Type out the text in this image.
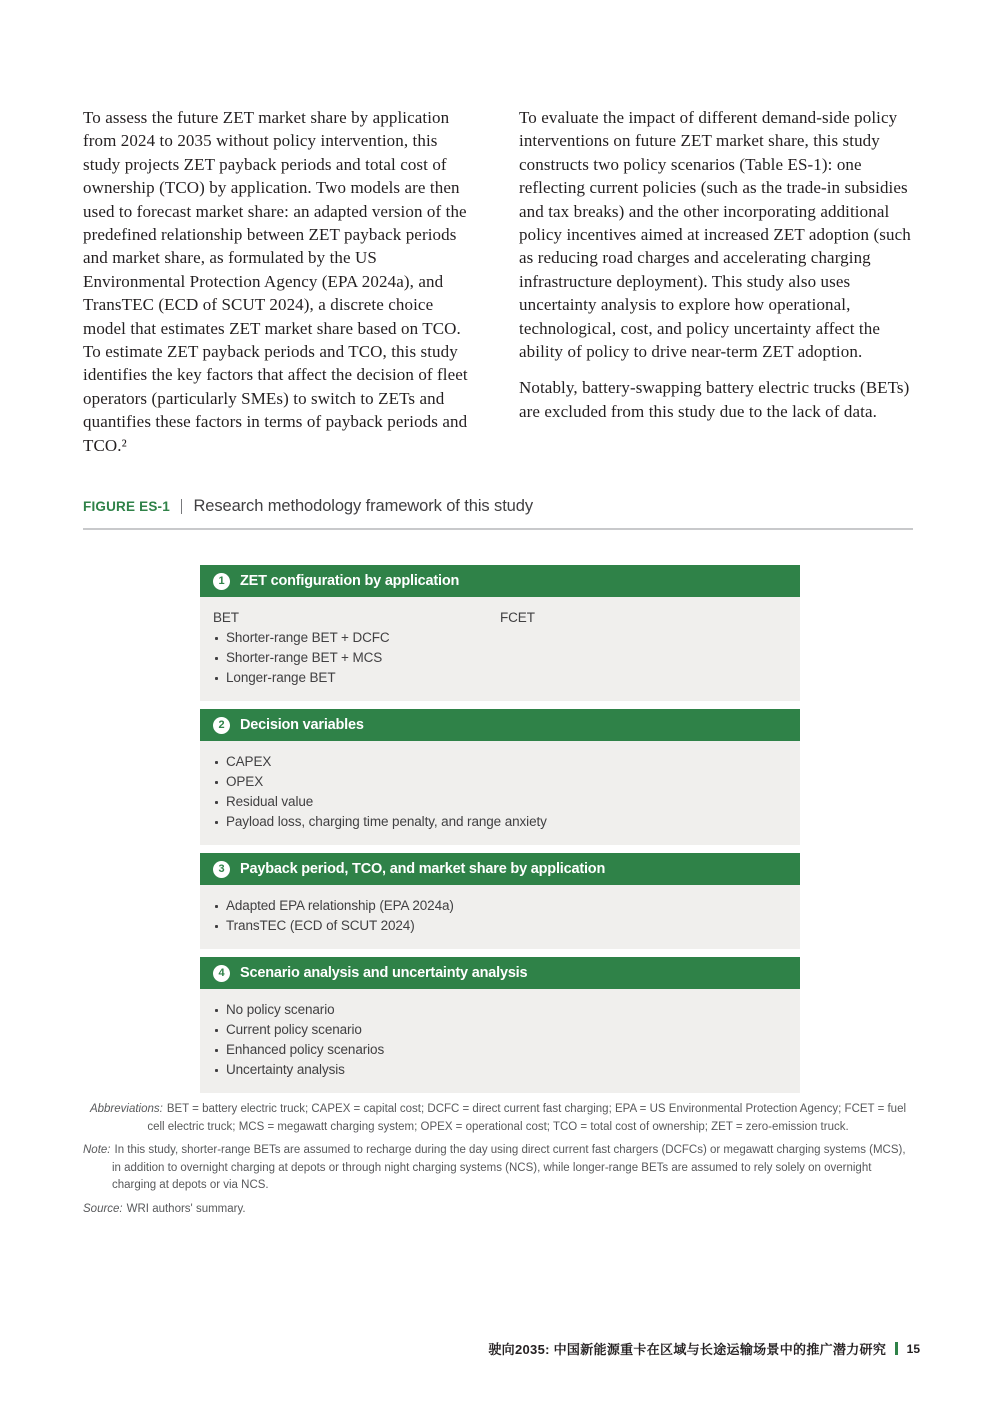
To assess the future ZET market share by application from 2024 to 2035 without policy intervention, this study projects ZET payback periods and total cost of ownership (TCO) by application. Two models are then used to forecast market share: an adapted version of the predefined relationship between ZET payback periods and market share, as formulated by the US Environmental Protection Agency (EPA 2024a), and TransTEC (ECD of SCUT 2024), a discrete choice model that estimates ZET market share based on TCO. To estimate ZET payback periods and TCO, this study identifies the key factors that affect the decision of fleet operators (particularly SMEs) to switch to ZETs and quantifies these factors in terms of payback periods and TCO.²

To evaluate the impact of different demand-side policy interventions on future ZET market share, this study constructs two policy scenarios (Table ES-1): one reflecting current policies (such as the trade-in subsidies and tax breaks) and the other incorporating additional policy incentives aimed at increased ZET adoption (such as reducing road charges and accelerating charging infrastructure deployment). This study also uses uncertainty analysis to explore how operational, technological, cost, and policy uncertainty affect the ability of policy to drive near-term ZET adoption.

Notably, battery-swapping battery electric trucks (BETs) are excluded from this study due to the lack of data.

FIGURE ES-1 Research methodology framework of this study
1	ZET configuration by application
BET
Shorter-range BET + DCFC
Shorter-range BET + MCS
Longer-range BET
FCET
2	Decision variables
CAPEX
OPEX
Residual value
Payload loss, charging time penalty, and range anxiety
3	Payback period, TCO, and market share by application
Adapted EPA relationship (EPA 2024a)
TransTEC (ECD of SCUT 2024)
4	Scenario analysis and uncertainty analysis
No policy scenario
Current policy scenario
Enhanced policy scenarios
Uncertainty analysis
Abbreviations: BET = battery electric truck; CAPEX = capital cost; DCFC = direct current fast charging; EPA = US Environmental Protection Agency; FCET = fuel cell electric truck; MCS = megawatt charging system; OPEX = operational cost; TCO = total cost of ownership; ZET = zero-emission truck.
Note: In this study, shorter-range BETs are assumed to recharge during the day using direct current fast chargers (DCFCs) or megawatt charging systems (MCS), in addition to overnight charging at depots or through night charging systems (NCS), while longer-range BETs are assumed to rely solely on overnight charging at depots or via NCS.
Source: WRI authors' summary.
驶向2035: 中国新能源重卡在区域与长途运输场景中的推广潜力研究 15
